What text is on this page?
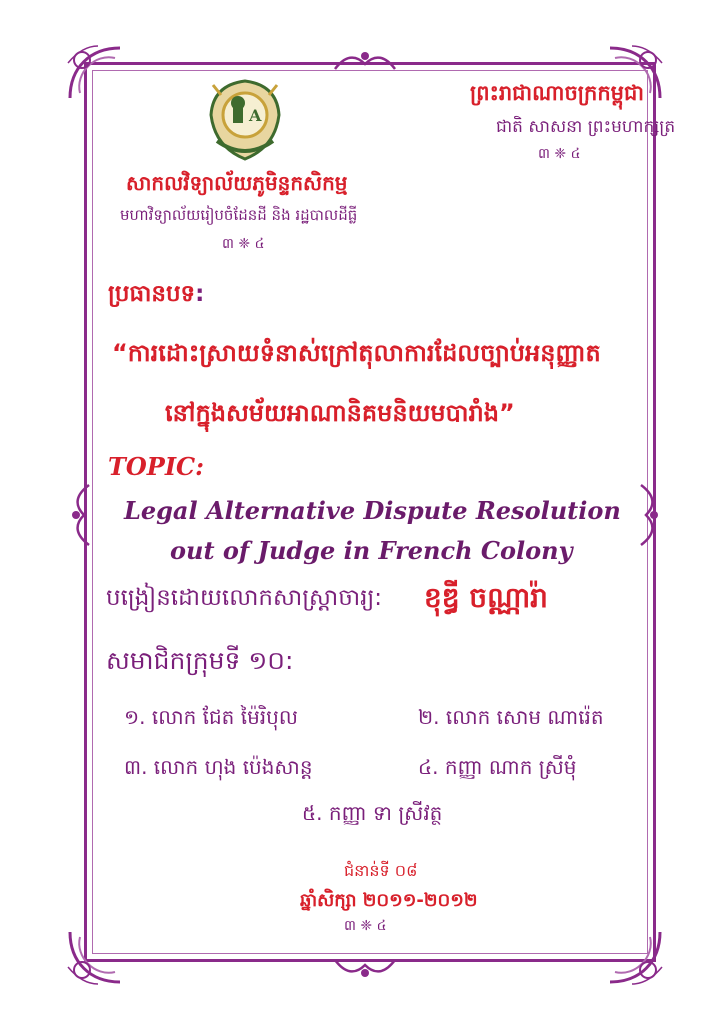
A
ព្រះរាជាណាចក្រកម្ពុជា
ជាតិ សាសនា ព្រះមហាក្សត្រ
៣ ❈ ៤
សាកលវិទ្យាល័យភូមិន្ទកសិកម្ម
មហាវិទ្យាល័យរៀបចំដែនដី និង រដ្ឋបាលដីធ្លី
៣ ❈ ៤
ប្រធានបទ:
“ការដោះស្រាយទំនាស់ក្រៅតុលាការដែលច្បាប់អនុញ្ញាត
នៅក្នុងសម័យអាណានិគមនិយមបារាំង”
TOPIC:
Legal Alternative Dispute Resolution
out of Judge in French Colony
បង្រៀនដោយលោកសាស្ត្រាចារ្យ: ខុឌ្ធី ចណ្ណារ៉ា
សមាជិកក្រុមទី ១០:
១. លោក ជែត ម៉ៃរិបុល	២. លោក សោម ណារ៉េត
៣. លោក ហុង ប៉េងសាន្ត	៤. កញ្ញា ណាក ស្រីមុំ
៥. កញ្ញា ទា ស្រីវត្ថ
ជំនាន់ទី ០៨
ឆ្នាំសិក្សា ២០១១-២០១២
៣ ❈ ៤
